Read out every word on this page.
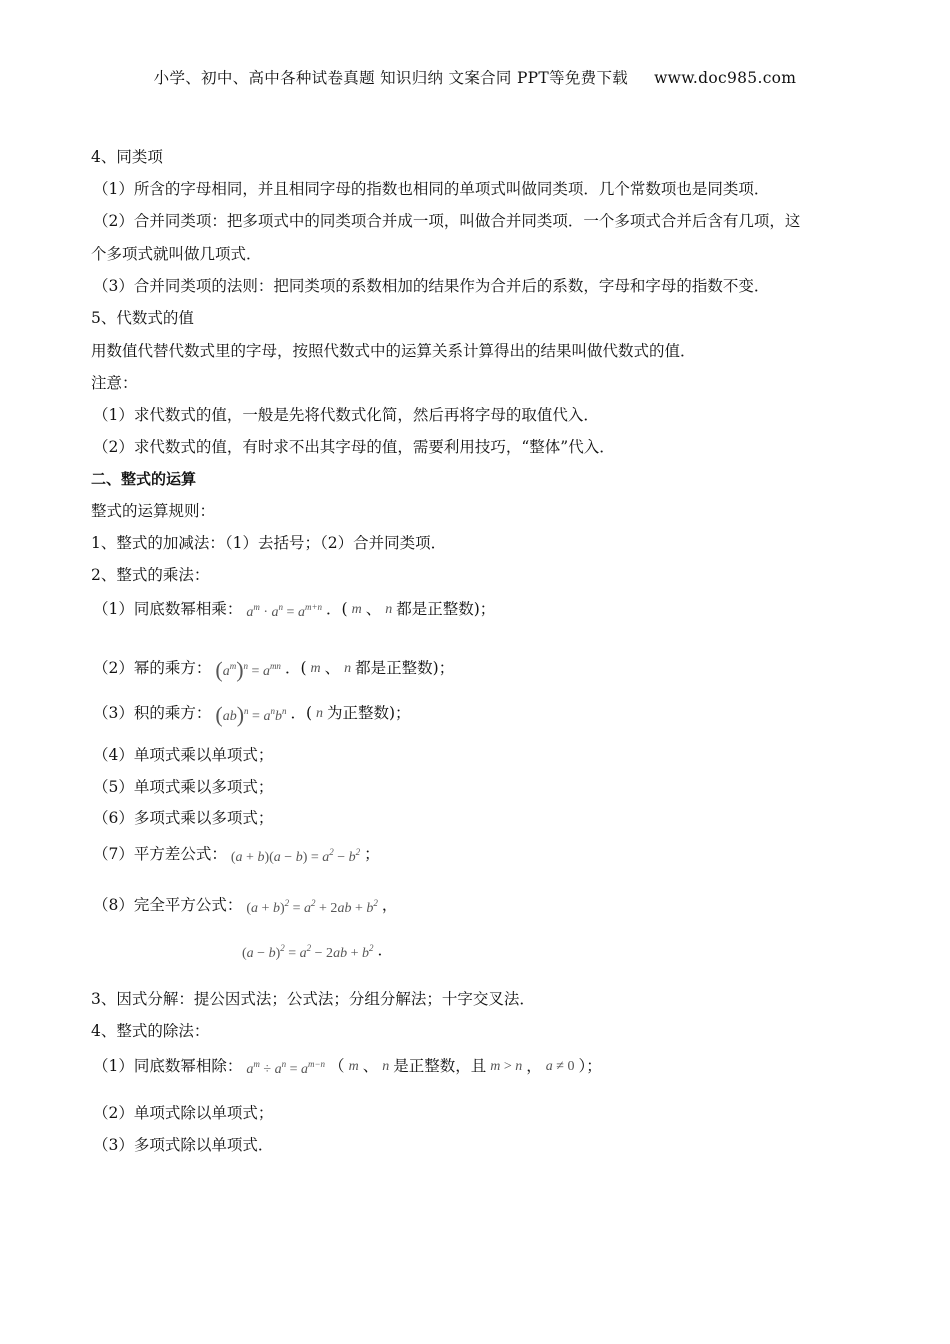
小学、初中、高中各种试卷真题 知识归纳 文案合同 PPT等免费下载 www.doc985.com
4、同类项
（1）所含的字母相同，并且相同字母的指数也相同的单项式叫做同类项．几个常数项也是同类项．
（2）合并同类项：把多项式中的同类项合并成一项，叫做合并同类项．一个多项式合并后含有几项，这
个多项式就叫做几项式．
（3）合并同类项的法则：把同类项的系数相加的结果作为合并后的系数，字母和字母的指数不变．
5、代数式的值
用数值代替代数式里的字母，按照代数式中的运算关系计算得出的结果叫做代数式的值．
注意：
（1）求代数式的值，一般是先将代数式化简，然后再将字母的取值代入．
（2）求代数式的值，有时求不出其字母的值，需要利用技巧，“整体”代入．
二、整式的运算
整式的运算规则：
1、整式的加减法：（1）去括号；（2）合并同类项．
2、整式的乘法：
（1）同底数幂相乘： $a^m \cdot a^n = a^{m+n}$ ．( m 、 n 都是正整数)；
（2）幂的乘方： $(a^m)^n = a^{mn}$ ．( m 、 n 都是正整数)；
（3）积的乘方： $(ab)^n = a^nb^n$ ．( n 为正整数)；
（4）单项式乘以单项式；
（5）单项式乘以多项式；
（6）多项式乘以多项式；
（7）平方差公式： $(a + b)(a - b) = a^2 - b^2$ ；
（8）完全平方公式： $(a + b)^2 = a^2 + 2ab + b^2$ ，
$(a - b)^2 = a^2 - 2ab + b^2$ ．
3、因式分解：提公因式法；公式法；分组分解法；十字交叉法．
4、整式的除法：
（1）同底数幂相除： $a^m \div a^n = a^{m-n}$ （ m 、 n 是正整数，且 m > n ， a ≠ 0 ）；
（2）单项式除以单项式；
（3）多项式除以单项式．
